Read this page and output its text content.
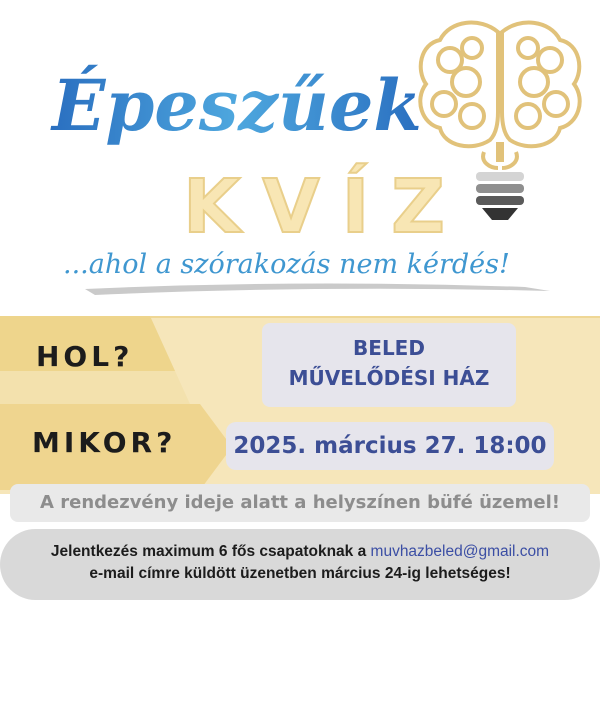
Épeszűek
KVÍZ
...ahol a szórakozás nem kérdés!
HOL?
MIKOR?
BELED
MŰVELŐDÉSI HÁZ
2025. március 27. 18:00
A rendezvény ideje alatt a helyszínen büfé üzemel!
Jelentkezés maximum 6 fős csapatoknak a muvhazbeled@gmail.com
e-mail címre küldött üzenetben március 24-ig lehetséges!
